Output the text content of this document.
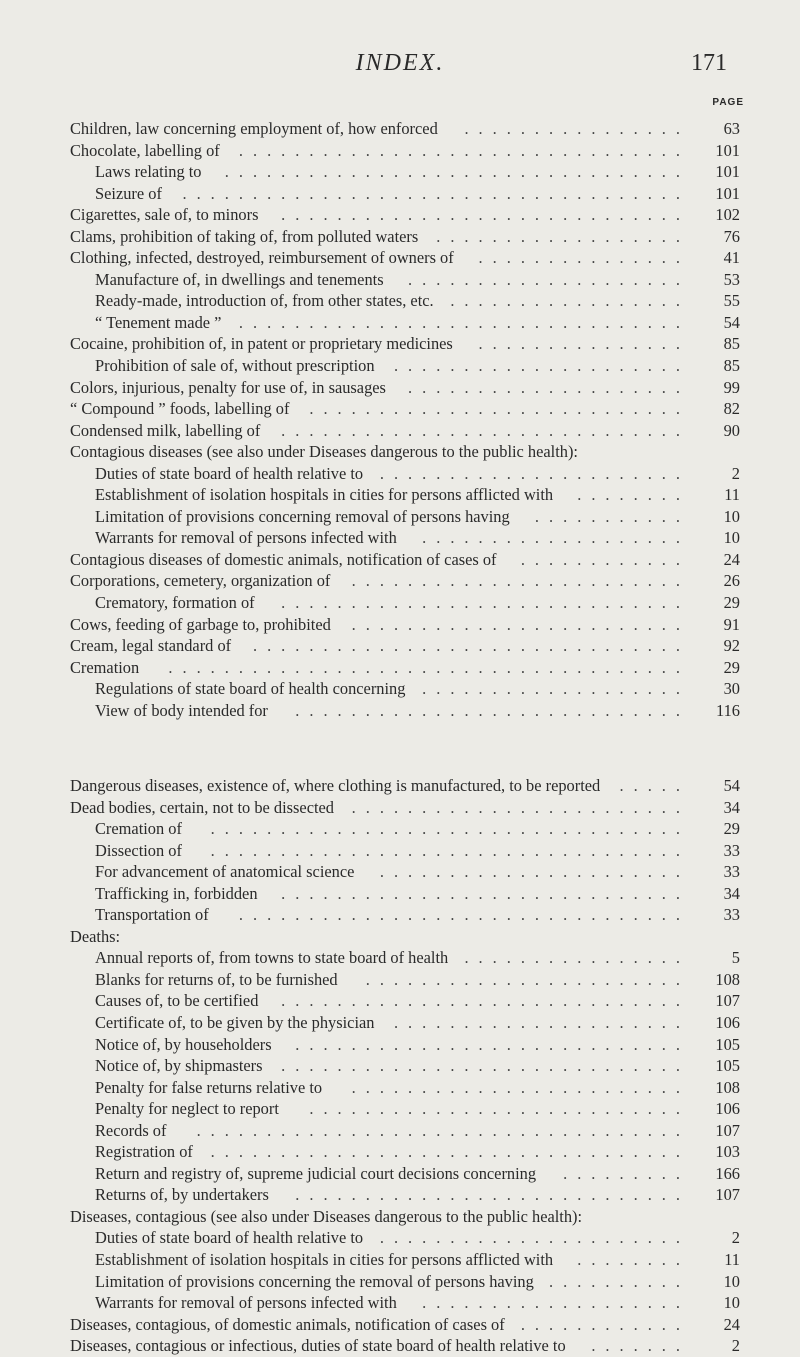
INDEX.	171
PAGE
Children, law concerning employment of, how enforced	................	63
Chocolate, labelling of	................................	101
Laws relating to	.................................	101
Seizure of	....................................	101
Cigarettes, sale of, to minors	.............................	102
Clams, prohibition of taking of, from polluted waters	..................	76
Clothing, infected, destroyed, reimbursement of owners of	...............	41
Manufacture of, in dwellings and tenements	....................	53
Ready-made, introduction of, from other states, etc.	.................	55
“ Tenement made ”	................................	54
Cocaine, prohibition of, in patent or proprietary medicines	...............	85
Prohibition of sale of, without prescription	.....................	85
Colors, injurious, penalty for use of, in sausages	....................	99
“ Compound ” foods, labelling of	...........................	82
Condensed milk, labelling of	.............................	90
Contagious diseases (see also under Diseases dangerous to the public health):
Duties of state board of health relative to	......................	2
Establishment of isolation hospitals in cities for persons afflicted with	........	11
Limitation of provisions concerning removal of persons having	...........	10
Warrants for removal of persons infected with	...................	10
Contagious diseases of domestic animals, notification of cases of	............	24
Corporations, cemetery, organization of	........................	26
Crematory, formation of	.............................	29
Cows, feeding of garbage to, prohibited	........................	91
Cream, legal standard of	...............................	92
Cremation	.....................................	29
Regulations of state board of health concerning	...................	30
View of body intended for	............................	116
Dangerous diseases, existence of, where clothing is manufactured, to be reported	.....	54
Dead bodies, certain, not to be dissected	........................	34
Cremation of	..................................	29
Dissection of	..................................	33
For advancement of anatomical science	......................	33
Trafficking in, forbidden	.............................	34
Transportation of	................................	33
Deaths:
Annual reports of, from towns to state board of health ................	5
Blanks for returns of, to be furnished	.......................	108
Causes of, to be certified	.............................	107
Certificate of, to be given by the physician	.....................	106
Notice of, by householders	............................	105
Notice of, by shipmasters	.............................	105
Penalty for false returns relative to	........................	108
Penalty for neglect to report	...........................	106
Records of	...................................	107
Registration of	..................................	103
Return and registry of, supreme judicial court decisions concerning	.........	166
Returns of, by undertakers	............................	107
Diseases, contagious (see also under Diseases dangerous to the public health):
Duties of state board of health relative to	......................	2
Establishment of isolation hospitals in cities for persons afflicted with	........	11
Limitation of provisions concerning the removal of persons having ..........	10
Warrants for removal of persons infected with	...................	10
Diseases, contagious, of domestic animals, notification of cases of ............	24
Diseases, contagious or infectious, duties of state board of health relative to	.......	2
